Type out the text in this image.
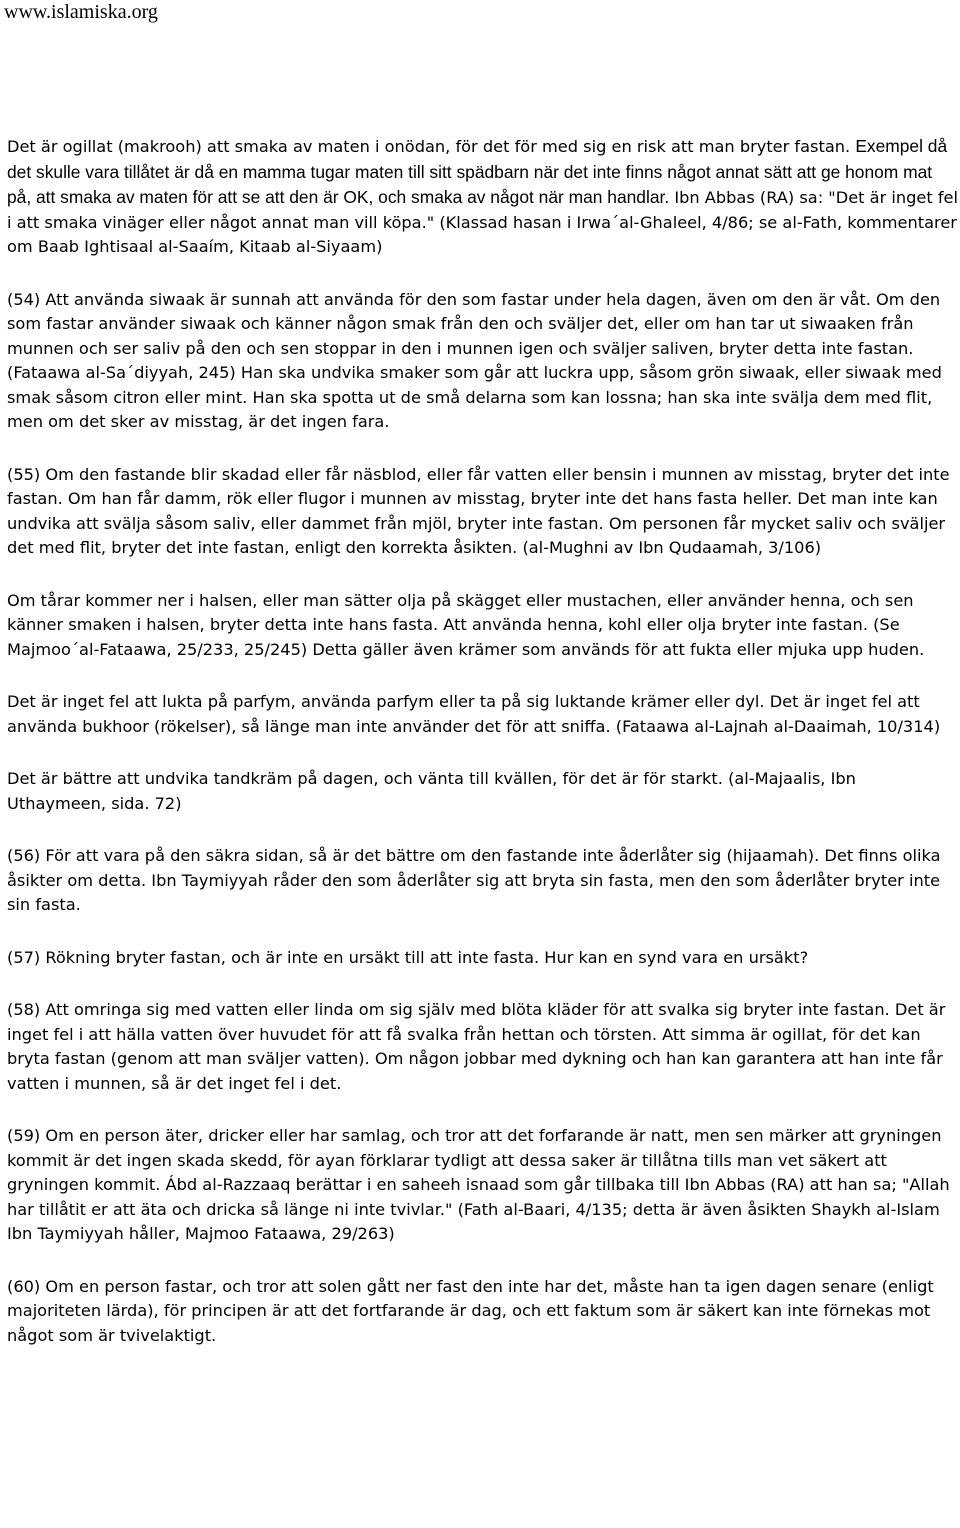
www.islamiska.org

Det är ogillat (makrooh) att smaka av maten i onödan, för det för med sig en risk att man bryter fastan. Exempel då det skulle vara tillåtet är då en mamma tugar maten till sitt spädbarn när det inte finns något annat sätt att ge honom mat på, att smaka av maten för att se att den är OK, och smaka av något när man handlar. Ibn Abbas (RA) sa: "Det är inget fel i att smaka vinäger eller något annat man vill köpa." (Klassad hasan i Irwa´al-Ghaleel, 4/86; se al-Fath, kommentarer om Baab Ightisaal al-Saaím, Kitaab al-Siyaam)

(54) Att använda siwaak är sunnah att använda för den som fastar under hela dagen, även om den är våt. Om den som fastar använder siwaak och känner någon smak från den och sväljer det, eller om han tar ut siwaaken från munnen och ser saliv på den och sen stoppar in den i munnen igen och sväljer saliven, bryter detta inte fastan. (Fataawa al-Sa´diyyah, 245) Han ska undvika smaker som går att luckra upp, såsom grön siwaak, eller siwaak med smak såsom citron eller mint. Han ska spotta ut de små delarna som kan lossna; han ska inte svälja dem med flit, men om det sker av misstag, är det ingen fara.

(55) Om den fastande blir skadad eller får näsblod, eller får vatten eller bensin i munnen av misstag, bryter det inte fastan. Om han får damm, rök eller flugor i munnen av misstag, bryter inte det hans fasta heller. Det man inte kan undvika att svälja såsom saliv, eller dammet från mjöl, bryter inte fastan. Om personen får mycket saliv och sväljer det med flit, bryter det inte fastan, enligt den korrekta åsikten. (al-Mughni av Ibn Qudaamah, 3/106)

Om tårar kommer ner i halsen, eller man sätter olja på skägget eller mustachen, eller använder henna, och sen känner smaken i halsen, bryter detta inte hans fasta. Att använda henna, kohl eller olja bryter inte fastan. (Se Majmoo´al-Fataawa, 25/233, 25/245) Detta gäller även krämer som används för att fukta eller mjuka upp huden.

Det är inget fel att lukta på parfym, använda parfym eller ta på sig luktande krämer eller dyl. Det är inget fel att använda bukhoor (rökelser), så länge man inte använder det för att sniffa. (Fataawa al-Lajnah al-Daaimah, 10/314)

Det är bättre att undvika tandkräm på dagen, och vänta till kvällen, för det är för starkt. (al-Majaalis, Ibn Uthaymeen, sida. 72)

(56) För att vara på den säkra sidan, så är det bättre om den fastande inte åderlåter sig (hijaamah). Det finns olika åsikter om detta. Ibn Taymiyyah råder den som åderlåter sig att bryta sin fasta, men den som åderlåter bryter inte sin fasta.

(57) Rökning bryter fastan, och är inte en ursäkt till att inte fasta. Hur kan en synd vara en ursäkt?

(58) Att omringa sig med vatten eller linda om sig själv med blöta kläder för att svalka sig bryter inte fastan. Det är inget fel i att hälla vatten över huvudet för att få svalka från hettan och törsten. Att simma är ogillat, för det kan bryta fastan (genom att man sväljer vatten). Om någon jobbar med dykning och han kan garantera att han inte får vatten i munnen, så är det inget fel i det.

(59) Om en person äter, dricker eller har samlag, och tror att det forfarande är natt, men sen märker att gryningen kommit är det ingen skada skedd, för ayan förklarar tydligt att dessa saker är tillåtna tills man vet säkert att gryningen kommit. Ábd al-Razzaaq berättar i en saheeh isnaad som går tillbaka till Ibn Abbas (RA) att han sa; "Allah har tillåtit er att äta och dricka så länge ni inte tvivlar." (Fath al-Baari, 4/135; detta är även åsikten Shaykh al-Islam Ibn Taymiyyah håller, Majmoo Fataawa, 29/263)

(60) Om en person fastar, och tror att solen gått ner fast den inte har det, måste han ta igen dagen senare (enligt majoriteten lärda), för principen är att det fortfarande är dag, och ett faktum som är säkert kan inte förnekas mot något som är tvivelaktigt.
